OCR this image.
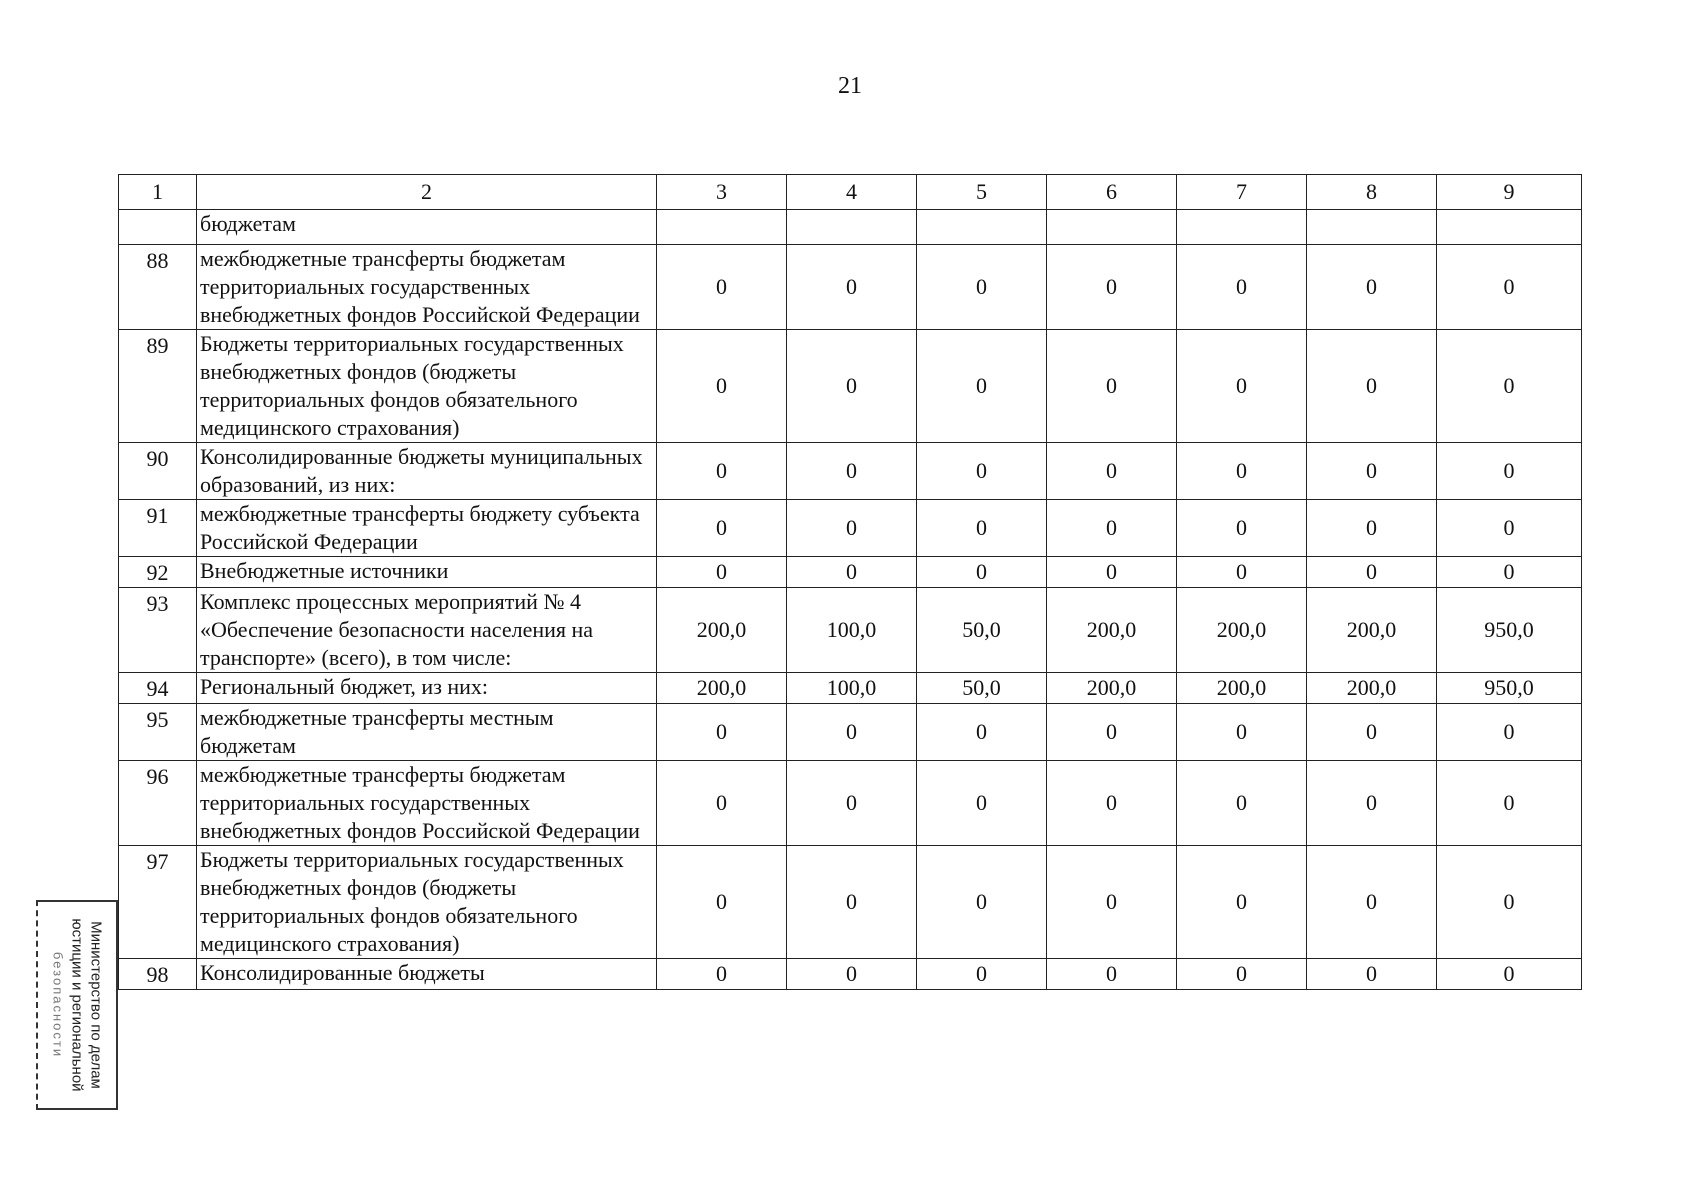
21
1	2	3	4	5	6	7	8	9
	бюджетам							
88	межбюджетные трансферты бюджетам территориальных государственных внебюджетных фондов Российской Федерации	0	0	0	0	0	0	0
89	Бюджеты территориальных государственных внебюджетных фондов (бюджеты территориальных фондов обязательного медицинского страхования)	0	0	0	0	0	0	0
90	Консолидированные бюджеты муниципальных образований, из них:	0	0	0	0	0	0	0
91	межбюджетные трансферты бюджету субъекта Российской Федерации	0	0	0	0	0	0	0
92	Внебюджетные источники	0	0	0	0	0	0	0
93	Комплекс процессных мероприятий № 4 «Обеспечение безопасности населения на транспорте» (всего), в том числе:	200,0	100,0	50,0	200,0	200,0	200,0	950,0
94	Региональный бюджет, из них:	200,0	100,0	50,0	200,0	200,0	200,0	950,0
95	межбюджетные трансферты местным бюджетам	0	0	0	0	0	0	0
96	межбюджетные трансферты бюджетам территориальных государственных внебюджетных фондов Российской Федерации	0	0	0	0	0	0	0
97	Бюджеты территориальных государственных внебюджетных фондов (бюджеты территориальных фондов обязательного медицинского страхования)	0	0	0	0	0	0	0
98	Консолидированные бюджеты	0	0	0	0	0	0	0
Министерство по делам
юстиции и региональной

безопасности
